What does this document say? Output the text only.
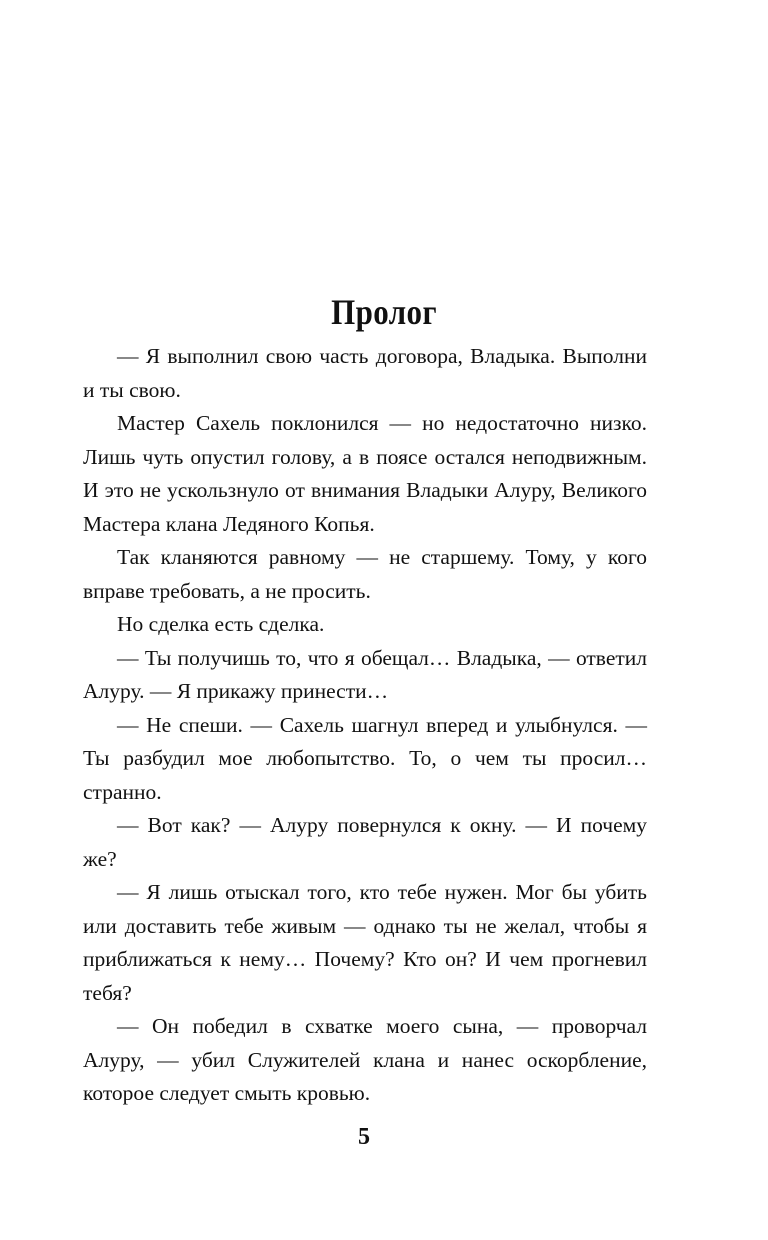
Пролог

— Я выполнил свою часть договора, Владыка. Выполни и ты свою.

Мастер Сахель поклонился — но недостаточно низко. Лишь чуть опустил голову, а в поясе остался неподвижным. И это не ускользнуло от внимания Владыки Алуру, Великого Мастера клана Ледяного Копья.

Так кланяются равному — не старшему. Тому, у кого вправе требовать, а не просить.

Но сделка есть сделка.

— Ты получишь то, что я обещал… Владыка, — ответил Алуру. — Я прикажу принести…

— Не спеши. — Сахель шагнул вперед и улыбнулся. — Ты разбудил мое любопытство. То, о чем ты просил… странно.

— Вот как? — Алуру повернулся к окну. — И почему же?

— Я лишь отыскал того, кто тебе нужен. Мог бы убить или доставить тебе живым — однако ты не желал, чтобы я приближаться к нему… Почему? Кто он? И чем прогневил тебя?

— Он победил в схватке моего сына, — проворчал Алуру, — убил Служителей клана и нанес оскорбление, которое следует смыть кровью.

5
